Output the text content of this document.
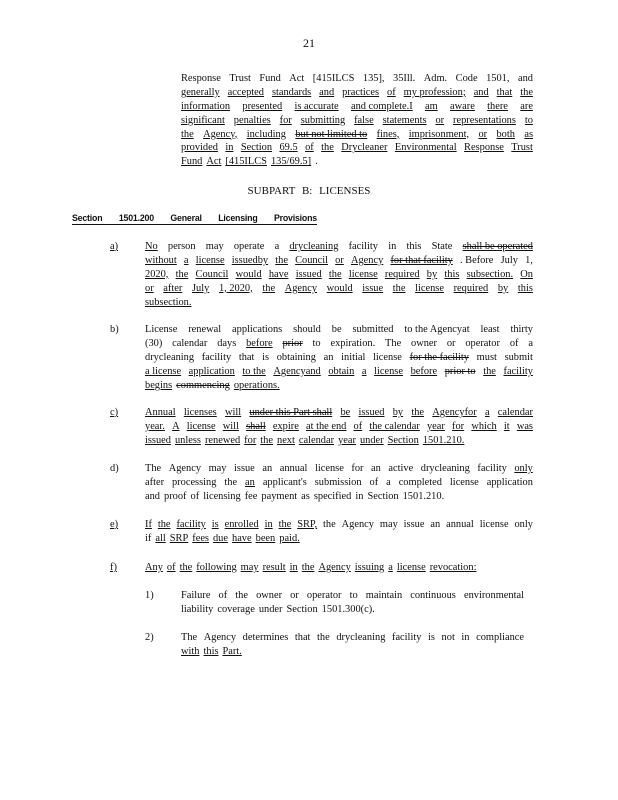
21
Response Trust Fund Act [415ILCS 135], 35Ill. Adm. Code 1501, and
generally accepted standards and practices of my profession; and that the
information presented is accurate and complete.I am aware there are
significant penalties for submitting false statements or representations to
the Agency, including but not limited to fines, imprisonment, or both as
provided in Section 69.5 of the Drycleaner Environmental Response Trust
Fund Act [415ILCS 135/69.5] .
SUBPART B: LICENSES
Section 1501.200 General Licensing Provisions
a)	No person may operate a drycleaning facility in this State shall be operated
without a license issuedby the Council or Agency for that facility . Before July 1,
2020, the Council would have issued the license required by this subsection. On
or after July 1, 2020, the Agency would issue the license required by this
subsection.
b)	License renewal applications should be submitted to the Agencyat least thirty
(30) calendar days before prior to expiration. The owner or operator of a
drycleaning facility that is obtaining an initial license for the facility must submit
a license application to the Agencyand obtain a license before prior to the facility
begins commencing operations.
c)	Annual licenses will under this Part shall be issued by the Agencyfor a calendar
year. A license will shall expire at the end of the calendar year for which it was
issued unless renewed for the next calendar year under Section 1501.210.
d)	The Agency may issue an annual license for an active drycleaning facility only
after processing the an applicant's submission of a completed license application
and proof of licensing fee payment as specified in Section 1501.210.
e)	If the facility is enrolled in the SRP, the Agency may issue an annual license only
if all SRP fees due have been paid.
f)	Any of the following may result in the Agency issuing a license revocation:
1)	Failure of the owner or operator to maintain continuous environmental
liability coverage under Section 1501.300(c).
2)	The Agency determines that the drycleaning facility is not in compliance
with this Part.
